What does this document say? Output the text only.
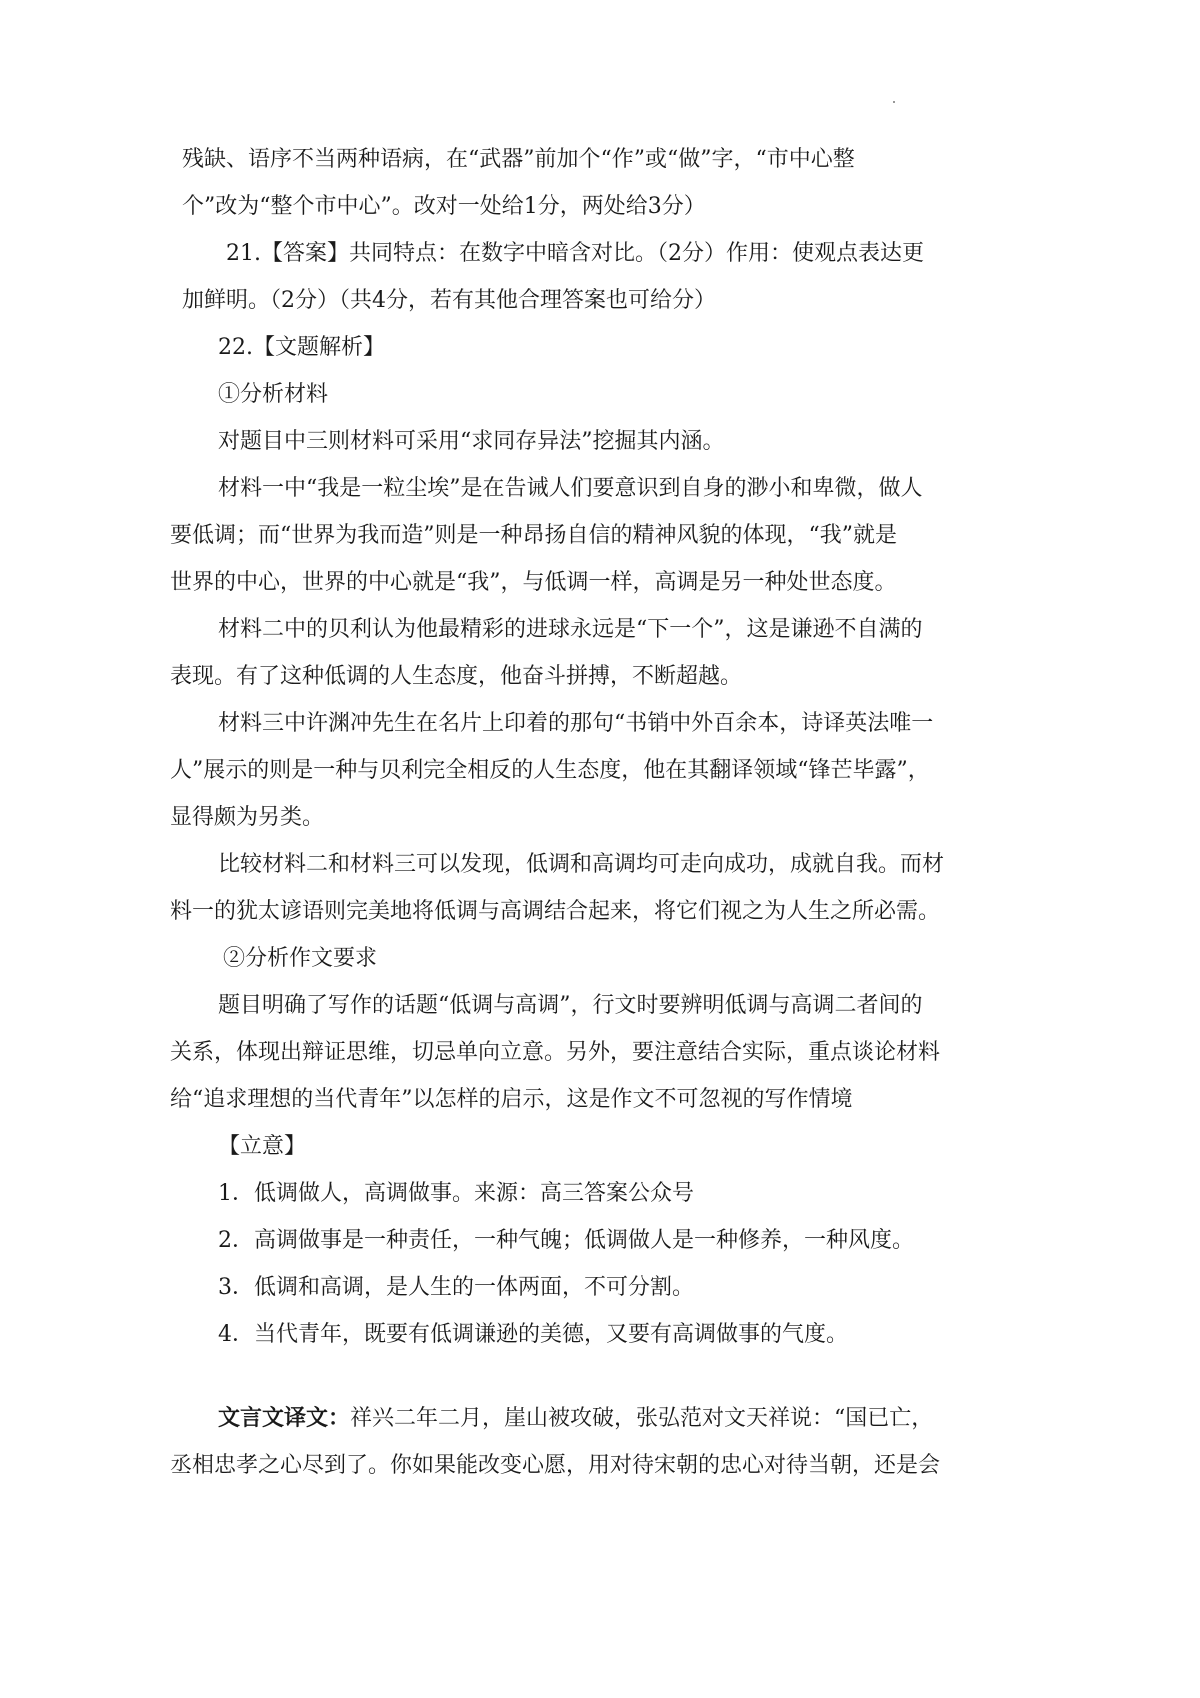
残缺、语序不当两种语病，在“武器”前加个“作”或“做”字，“市中心整
个”改为“整个市中心”。改对一处给1分，两处给3分）
21.【答案】共同特点：在数字中暗含对比。（2分）作用：使观点表达更
加鲜明。（2分）（共4分，若有其他合理答案也可给分）
22.【文题解析】
①分析材料
对题目中三则材料可采用“求同存异法”挖掘其内涵。
材料一中“我是一粒尘埃”是在告诫人们要意识到自身的渺小和卑微，做人
要低调；而“世界为我而造”则是一种昂扬自信的精神风貌的体现，“我”就是
世界的中心，世界的中心就是“我”，与低调一样，高调是另一种处世态度。
材料二中的贝利认为他最精彩的进球永远是“下一个”，这是谦逊不自满的
表现。有了这种低调的人生态度，他奋斗拼搏，不断超越。
材料三中许渊冲先生在名片上印着的那句“书销中外百余本，诗译英法唯一
人”展示的则是一种与贝利完全相反的人生态度，他在其翻译领域“锋芒毕露”，
显得颇为另类。
比较材料二和材料三可以发现，低调和高调均可走向成功，成就自我。而材
料一的犹太谚语则完美地将低调与高调结合起来，将它们视之为人生之所必需。
②分析作文要求
题目明确了写作的话题“低调与高调”，行文时要辨明低调与高调二者间的
关系，体现出辩证思维，切忌单向立意。另外，要注意结合实际，重点谈论材料
给“追求理想的当代青年”以怎样的启示，这是作文不可忽视的写作情境
【立意】
1．低调做人，高调做事。来源：高三答案公众号
2．高调做事是一种责任，一种气魄；低调做人是一种修养，一种风度。
3．低调和高调，是人生的一体两面，不可分割。
4．当代青年，既要有低调谦逊的美德，又要有高调做事的气度。
文言文译文：祥兴二年二月，崖山被攻破，张弘范对文天祥说：“国已亡，
丞相忠孝之心尽到了。你如果能改变心愿，用对待宋朝的忠心对待当朝，还是会
